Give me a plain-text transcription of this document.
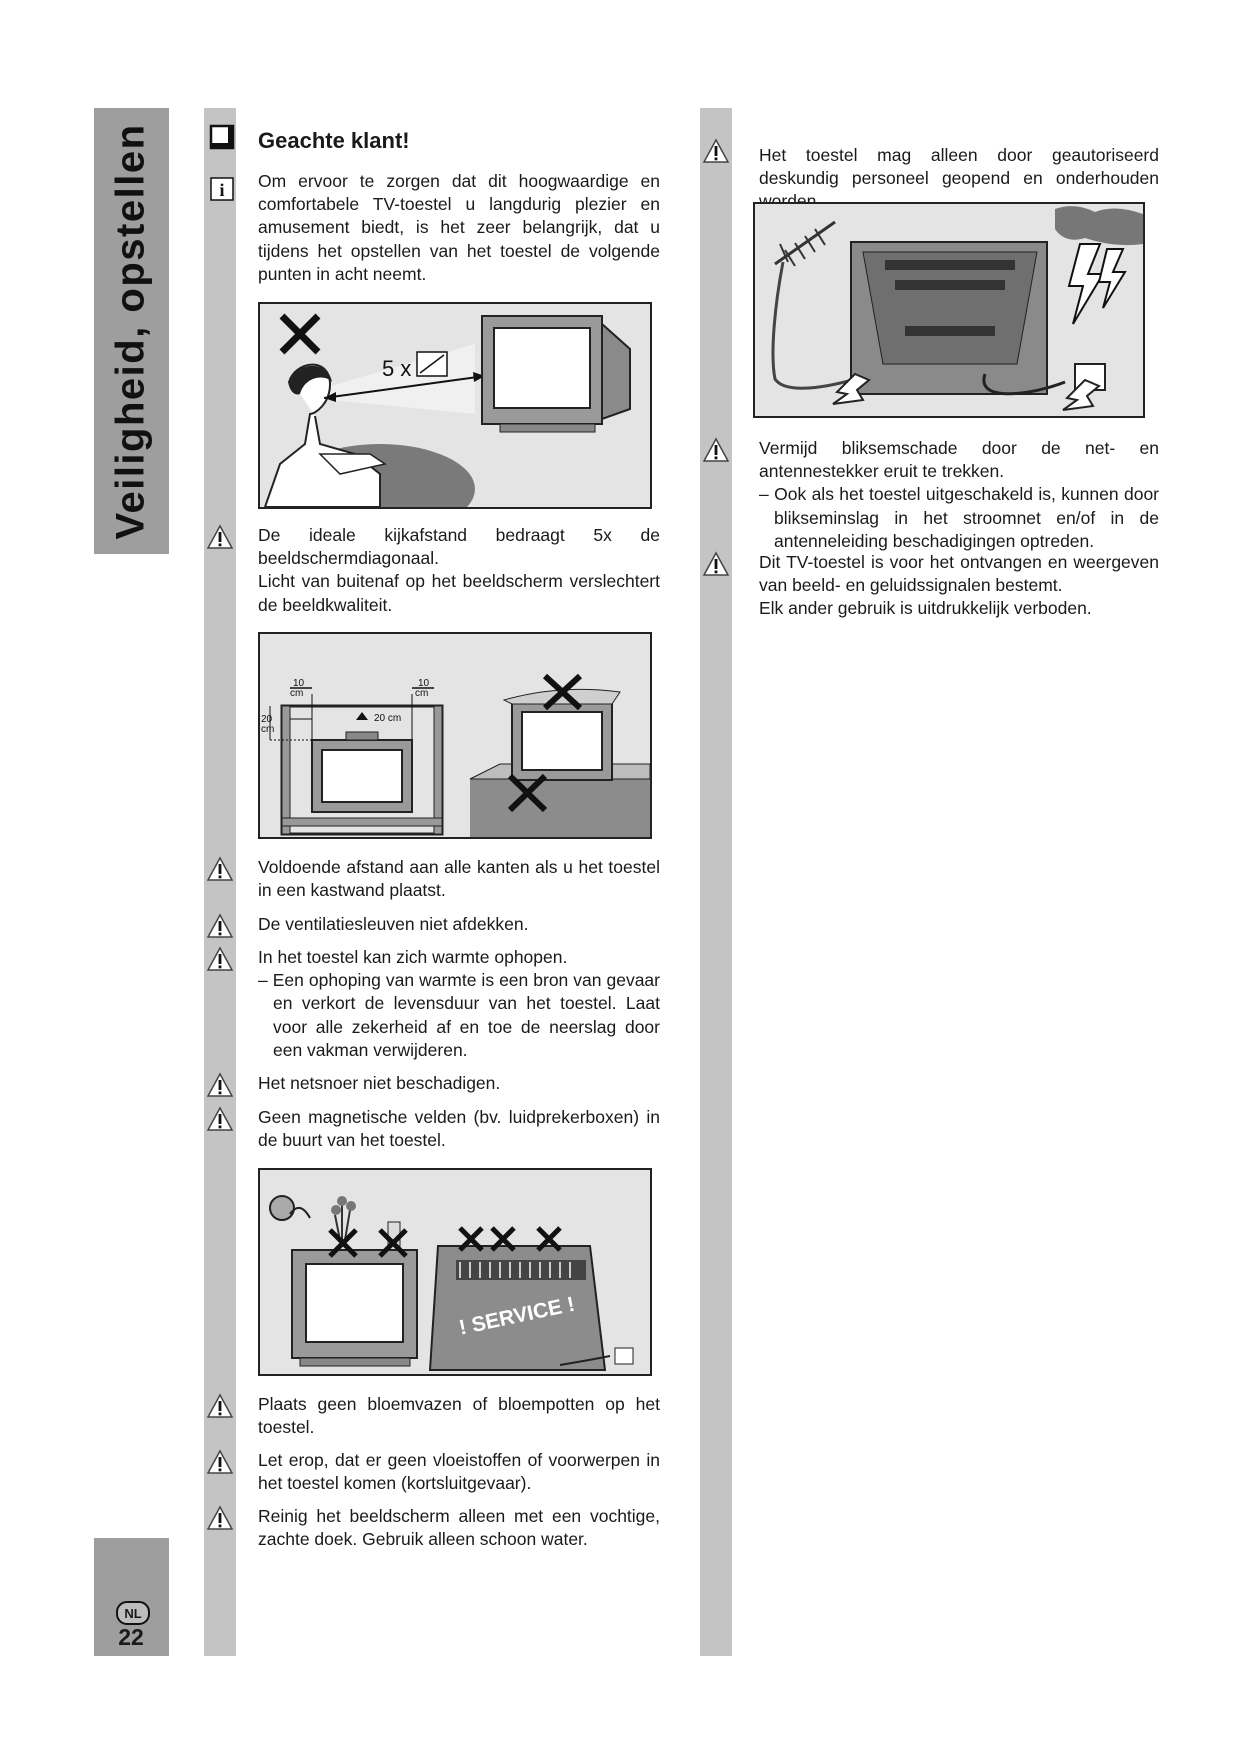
Veiligheid, opstellen
NL
22
i
Geachte klant!

Om ervoor te zorgen dat dit hoogwaardige en comfortabele TV-toestel u langdurig plezier en amusement biedt, is het zeer belangrijk, dat u tijdens het opstellen van het toestel de volgende punten in acht neemt.

5 x

De ideale kijkafstand bedraagt 5x de beeldschermdiagonaal.
Licht van buitenaf op het beeldscherm verslechtert de beeldkwaliteit.

10
cm
10
cm
20 cm
20
cm

Voldoende afstand aan alle kanten als u het toestel in een kastwand plaatst.

De ventilatiesleuven niet afdekken.

In het toestel kan zich warmte ophopen.
– Een ophoping van warmte is een bron van gevaar en verkort de levensduur van het toestel. Laat voor alle zekerheid af en toe de neerslag door een vakman verwijderen.

Het netsnoer niet beschadigen.

Geen magnetische velden (bv. luidprekerboxen) in de buurt van het toestel.

! SERVICE !

Plaats geen bloemvazen of bloempotten op het toestel.

Let erop, dat er geen vloeistoffen of voorwerpen in het toestel komen (kortsluitgevaar).

Reinig het beeldscherm alleen met een vochtige, zachte doek. Gebruik alleen schoon water.

Het toestel mag alleen door geautoriseerd deskundig personeel geopend en onderhouden

Vermijd bliksemschade door de net- en antennestekker eruit te trekken.
– Ook als het toestel uitgeschakeld is, kunnen door blikseminslag in het stroomnet en/of in de antenneleiding beschadigingen optreden.

Dit TV-toestel is voor het ontvangen en weergeven van beeld- en geluidssignalen bestemt.
Elk ander gebruik is uitdrukkelijk verboden.
